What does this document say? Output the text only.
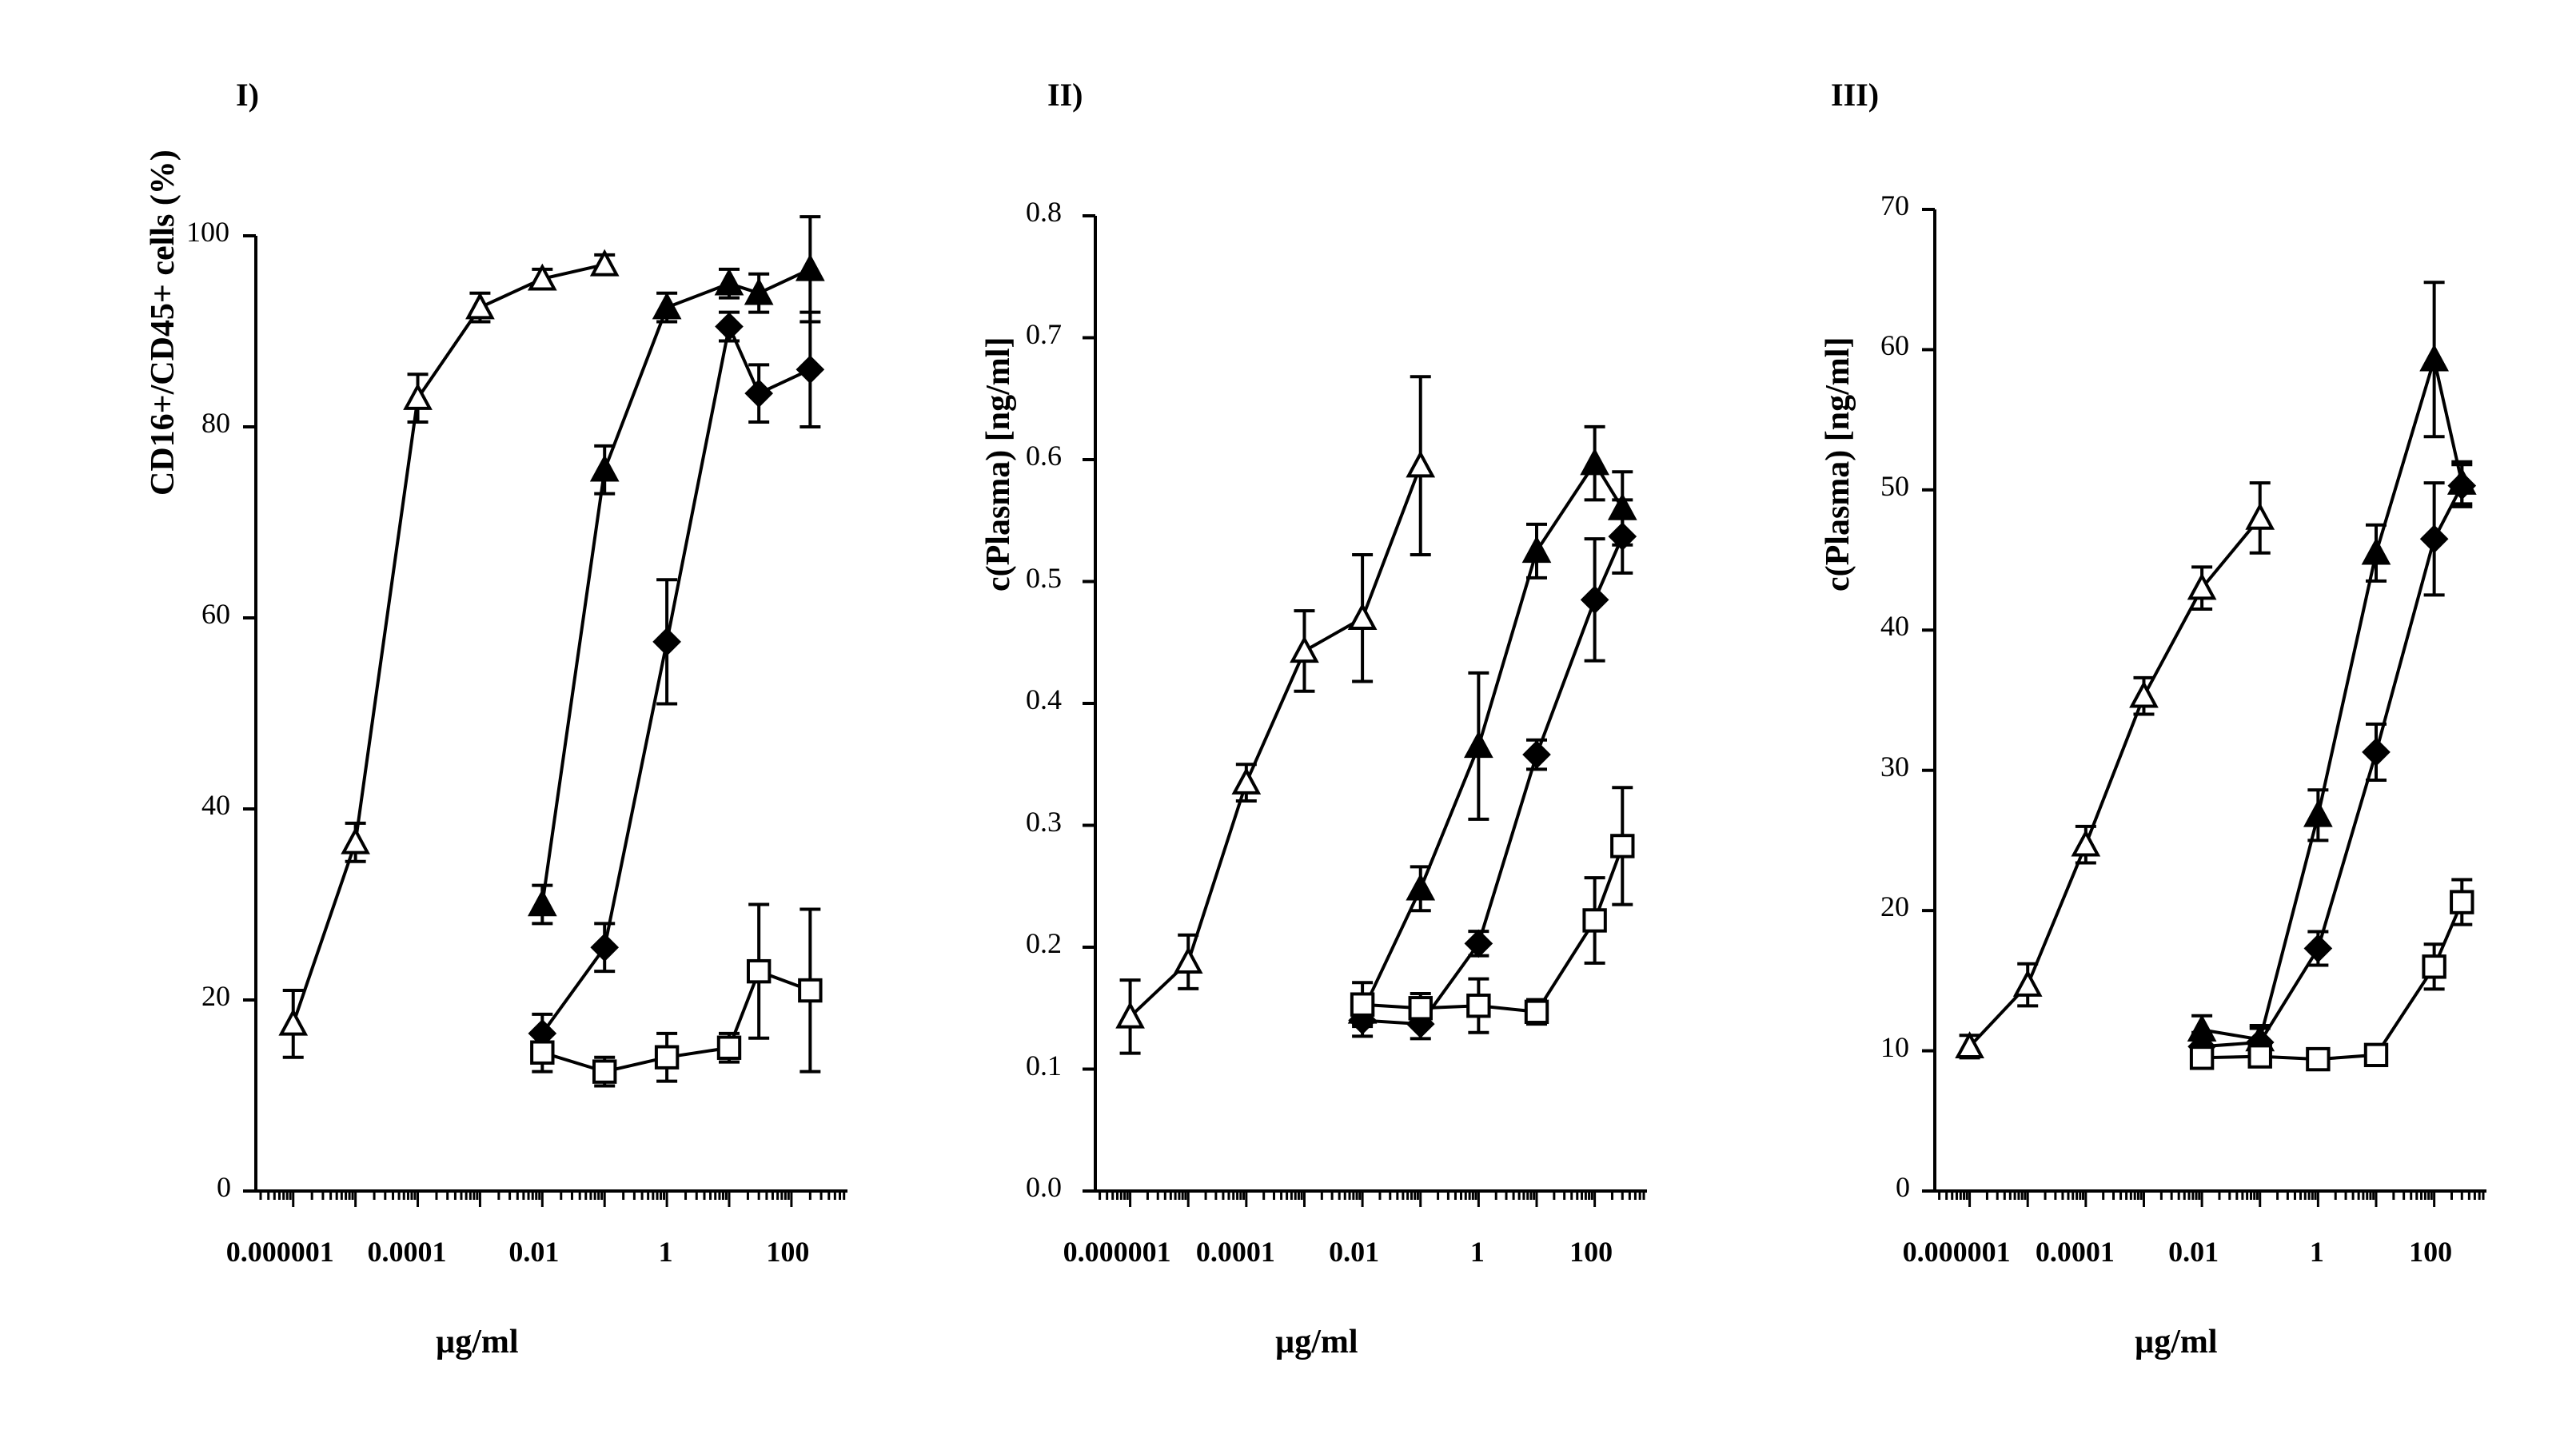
I)	II)	III)
CD16+/CD45+ cells (%)	c(Plasma) [ng/ml]	c(Plasma) [ng/ml]
µg/ml	µg/ml	µg/ml
0
20
40
60
80
100
0.000001 0.0001 0.01	1	100
0.0
0.1
0.2
0.3
0.4
0.5
0.6
0.7
0.8
0.000001 0.0001 0.01	1	100
0
10
20
30
40
50
60
70
0.000001 0.0001 0.01	1	100
